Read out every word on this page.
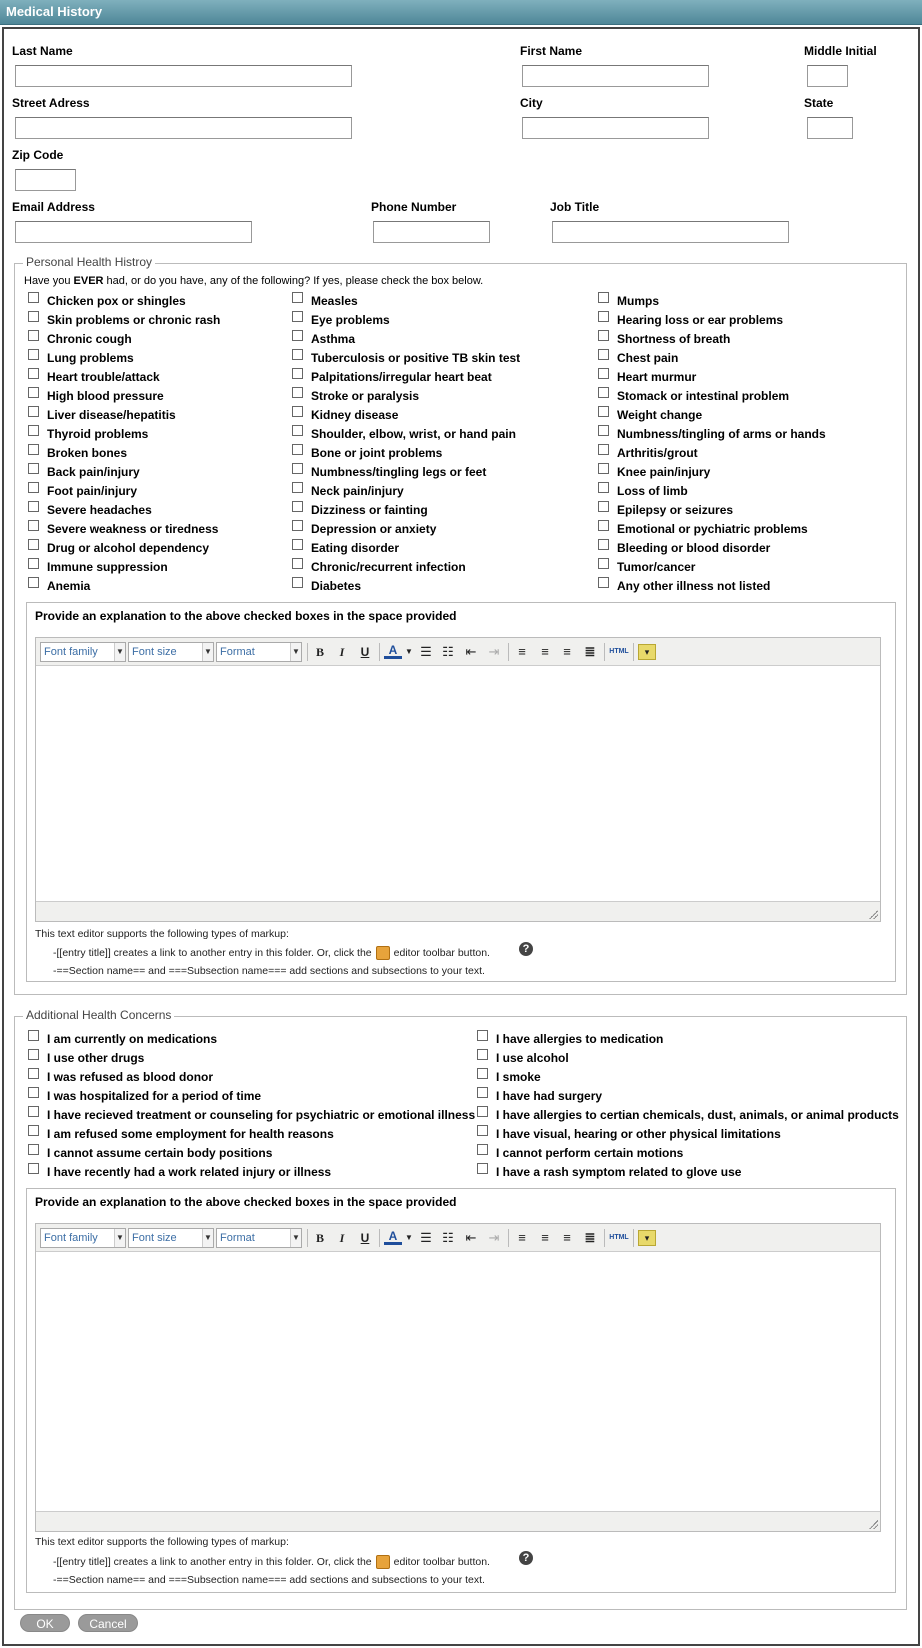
Medical History
Last Name	First Name	Middle Initial
Street Adress	City	State
Zip Code
Email Address	Phone Number	Job Title
Personal Health Histroy
Have you EVER had, or do you have, any of the following? If yes, please check the box below.
Chicken pox or shingles
Skin problems or chronic rash
Chronic cough
Lung problems
Heart trouble/attack
High blood pressure
Liver disease/hepatitis
Thyroid problems
Broken bones
Back pain/injury
Foot pain/injury
Severe headaches
Severe weakness or tiredness
Drug or alcohol dependency
Immune suppression
Anemia
Measles
Eye problems
Asthma
Tuberculosis or positive TB skin test
Palpitations/irregular heart beat
Stroke or paralysis
Kidney disease
Shoulder, elbow, wrist, or hand pain
Bone or joint problems
Numbness/tingling legs or feet
Neck pain/injury
Dizziness or fainting
Depression or anxiety
Eating disorder
Chronic/recurrent infection
Diabetes
Mumps
Hearing loss or ear problems
Shortness of breath
Chest pain
Heart murmur
Stomack or intestinal problem
Weight change
Numbness/tingling of arms or hands
Arthritis/grout
Knee pain/injury
Loss of limb
Epilepsy or seizures
Emotional or pychiatric problems
Bleeding or blood disorder
Tumor/cancer
Any other illness not listed
Provide an explanation to the above checked boxes in the space provided
Font family ▼ Font size	▼ Format	▼	B	I	U	A ▼ ☰ ☷ ⇤ ⇥	≡	≡	≡	≣	HTML	▾
This text editor supports the following types of markup:
-[[entry title]] creates a link to another entry in this folder. Or, click the editor toolbar button.	?
-==Section name== and ===Subsection name=== add sections and subsections to your text.
Additional Health Concerns
I am currently on medications
I use other drugs
I was refused as blood donor
I was hospitalized for a period of time
I have recieved treatment or counseling for psychiatric or emotional illness
I am refused some employment for health reasons
I cannot assume certain body positions
I have recently had a work related injury or illness
I have allergies to medication
I use alcohol
I smoke
I have had surgery
I have allergies to certian chemicals, dust, animals, or animal products
I have visual, hearing or other physical limitations
I cannot perform certain motions
I have a rash symptom related to glove use
Provide an explanation to the above checked boxes in the space provided
Font family ▼ Font size	▼ Format	▼	B	I	U	A ▼ ☰ ☷ ⇤ ⇥	≡	≡	≡	≣	HTML	▾
This text editor supports the following types of markup:
-[[entry title]] creates a link to another entry in this folder. Or, click the editor toolbar button.	?
-==Section name== and ===Subsection name=== add sections and subsections to your text.
OK	Cancel
